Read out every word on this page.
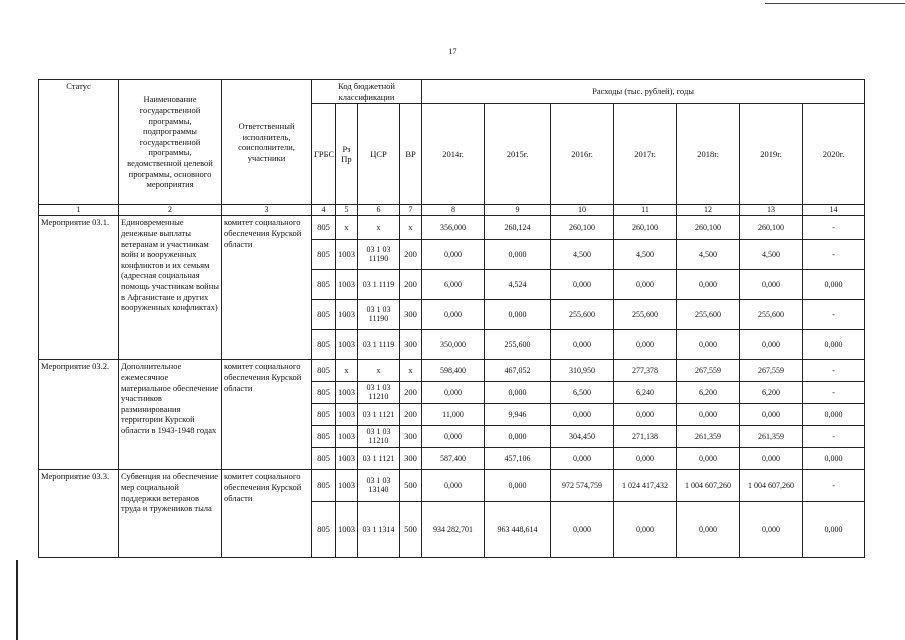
17
Статус	Наименование государственной программы, подпрограммы государственной программы, ведомственной целевой программы, основного мероприятия	Ответственный исполнитель, соисполнители, участники	Код бюджетной классификации				Расходы (тыс. рублей), годы						
			ГРБС	Рз Пр	ЦСР	ВР	2014г.	2015г.	2016г.	2017г.	2018г.	2019г.	2020г.
1	2	3	4	5	6	7	8	9	10	11	12	13	14
Мероприятие 03.1.	Единовременные денежные выплаты ветеранам и участникам войн и вооруженных конфликтов и их семьям (адресная социальная помощь участникам войны в Афганистане и других вооруженных конфликтах)	комитет социального обеспечения Курской области	805	х	х	х	356,000	260,124	260,100	260,100	260,100	260,100	-
			805	1003	03 1 03 11190	200	0,000	0,000	4,500	4,500	4,500	4,500	-
			805	1003	03 1 1119	200	6,000	4,524	0,000	0,000	0,000	0,000	0,000
			805	1003	03 1 03 11190	300	0,000	0,000	255,600	255,600	255,600	255,600	-
			805	1003	03 1 1119	300	350,000	255,600	0,000	0,000	0,000	0,000	0,000
Мероприятие 03.2.	Дополнительное ежемесячное материальное обеспечение участников разминирования территории Курской области в 1943-1948 годах	комитет социального обеспечения Курской области	805	х	х	х	598,400	467,052	310,950	277,378	267,559	267,559	-
			805	1003	03 1 03 11210	200	0,000	0,000	6,500	6,240	6,200	6,200	-
			805	1003	03 1 1121	200	11,000	9,946	0,000	0,000	0,000	0,000	0,000
			805	1003	03 1 03 11210	300	0,000	0,000	304,450	271,138	261,359	261,359	-
			805	1003	03 1 1121	300	587,400	457,106	0,000	0,000	0,000	0,000	0,000
Мероприятие 03.3.	Субвенция на обеспечение мер социальной поддержки ветеранов труда и тружеников тыла	комитет социального обеспечения Курской области	805	1003	03 1 03 13140	500	0,000	0,000	972 574,759	1 024 417,432	1 004 607,260	1 004 607,260	-
			805	1003	03 1 1314	500	934 282,701	963 448,614	0,000	0,000	0,000	0,000	0,000
